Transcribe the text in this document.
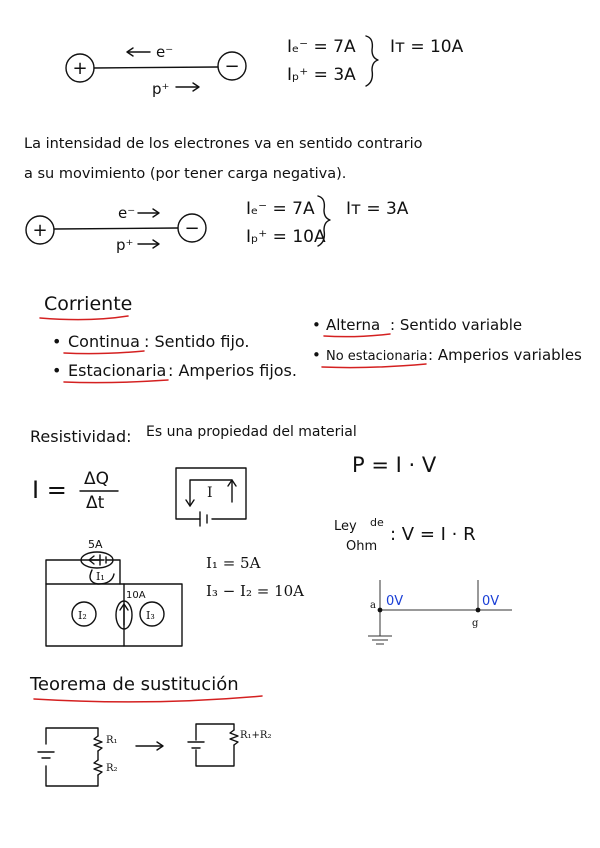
+	−
e⁻
p⁺
Iₑ⁻ = 7A
Iₚ⁺ = 3A
Iᴛ = 10A
La intensidad de los electrones va en sentido contrario
a su movimiento (por tener carga negativa).
+	−
e⁻
p⁺
Iₑ⁻ = 7A
Iₚ⁺ = 10A
Iᴛ = 3A
Corriente
• Continua : Sentido fijo.
• Estacionaria : Amperios fijos.
• Alterna : Sentido variable
• No estacionaria : Amperios variables
Resistividad: Es una propiedad del material
I = ΔQ
Δt	I
P = I · V
Ley de
Ohm
: V = I · R
5A
I₁
I₂
10A
I₃
I₁ = 5A
I₃ − I₂ = 10A
a
g
0V	0V
Teorema de sustitución
R₁
R₂
R₁+R₂
